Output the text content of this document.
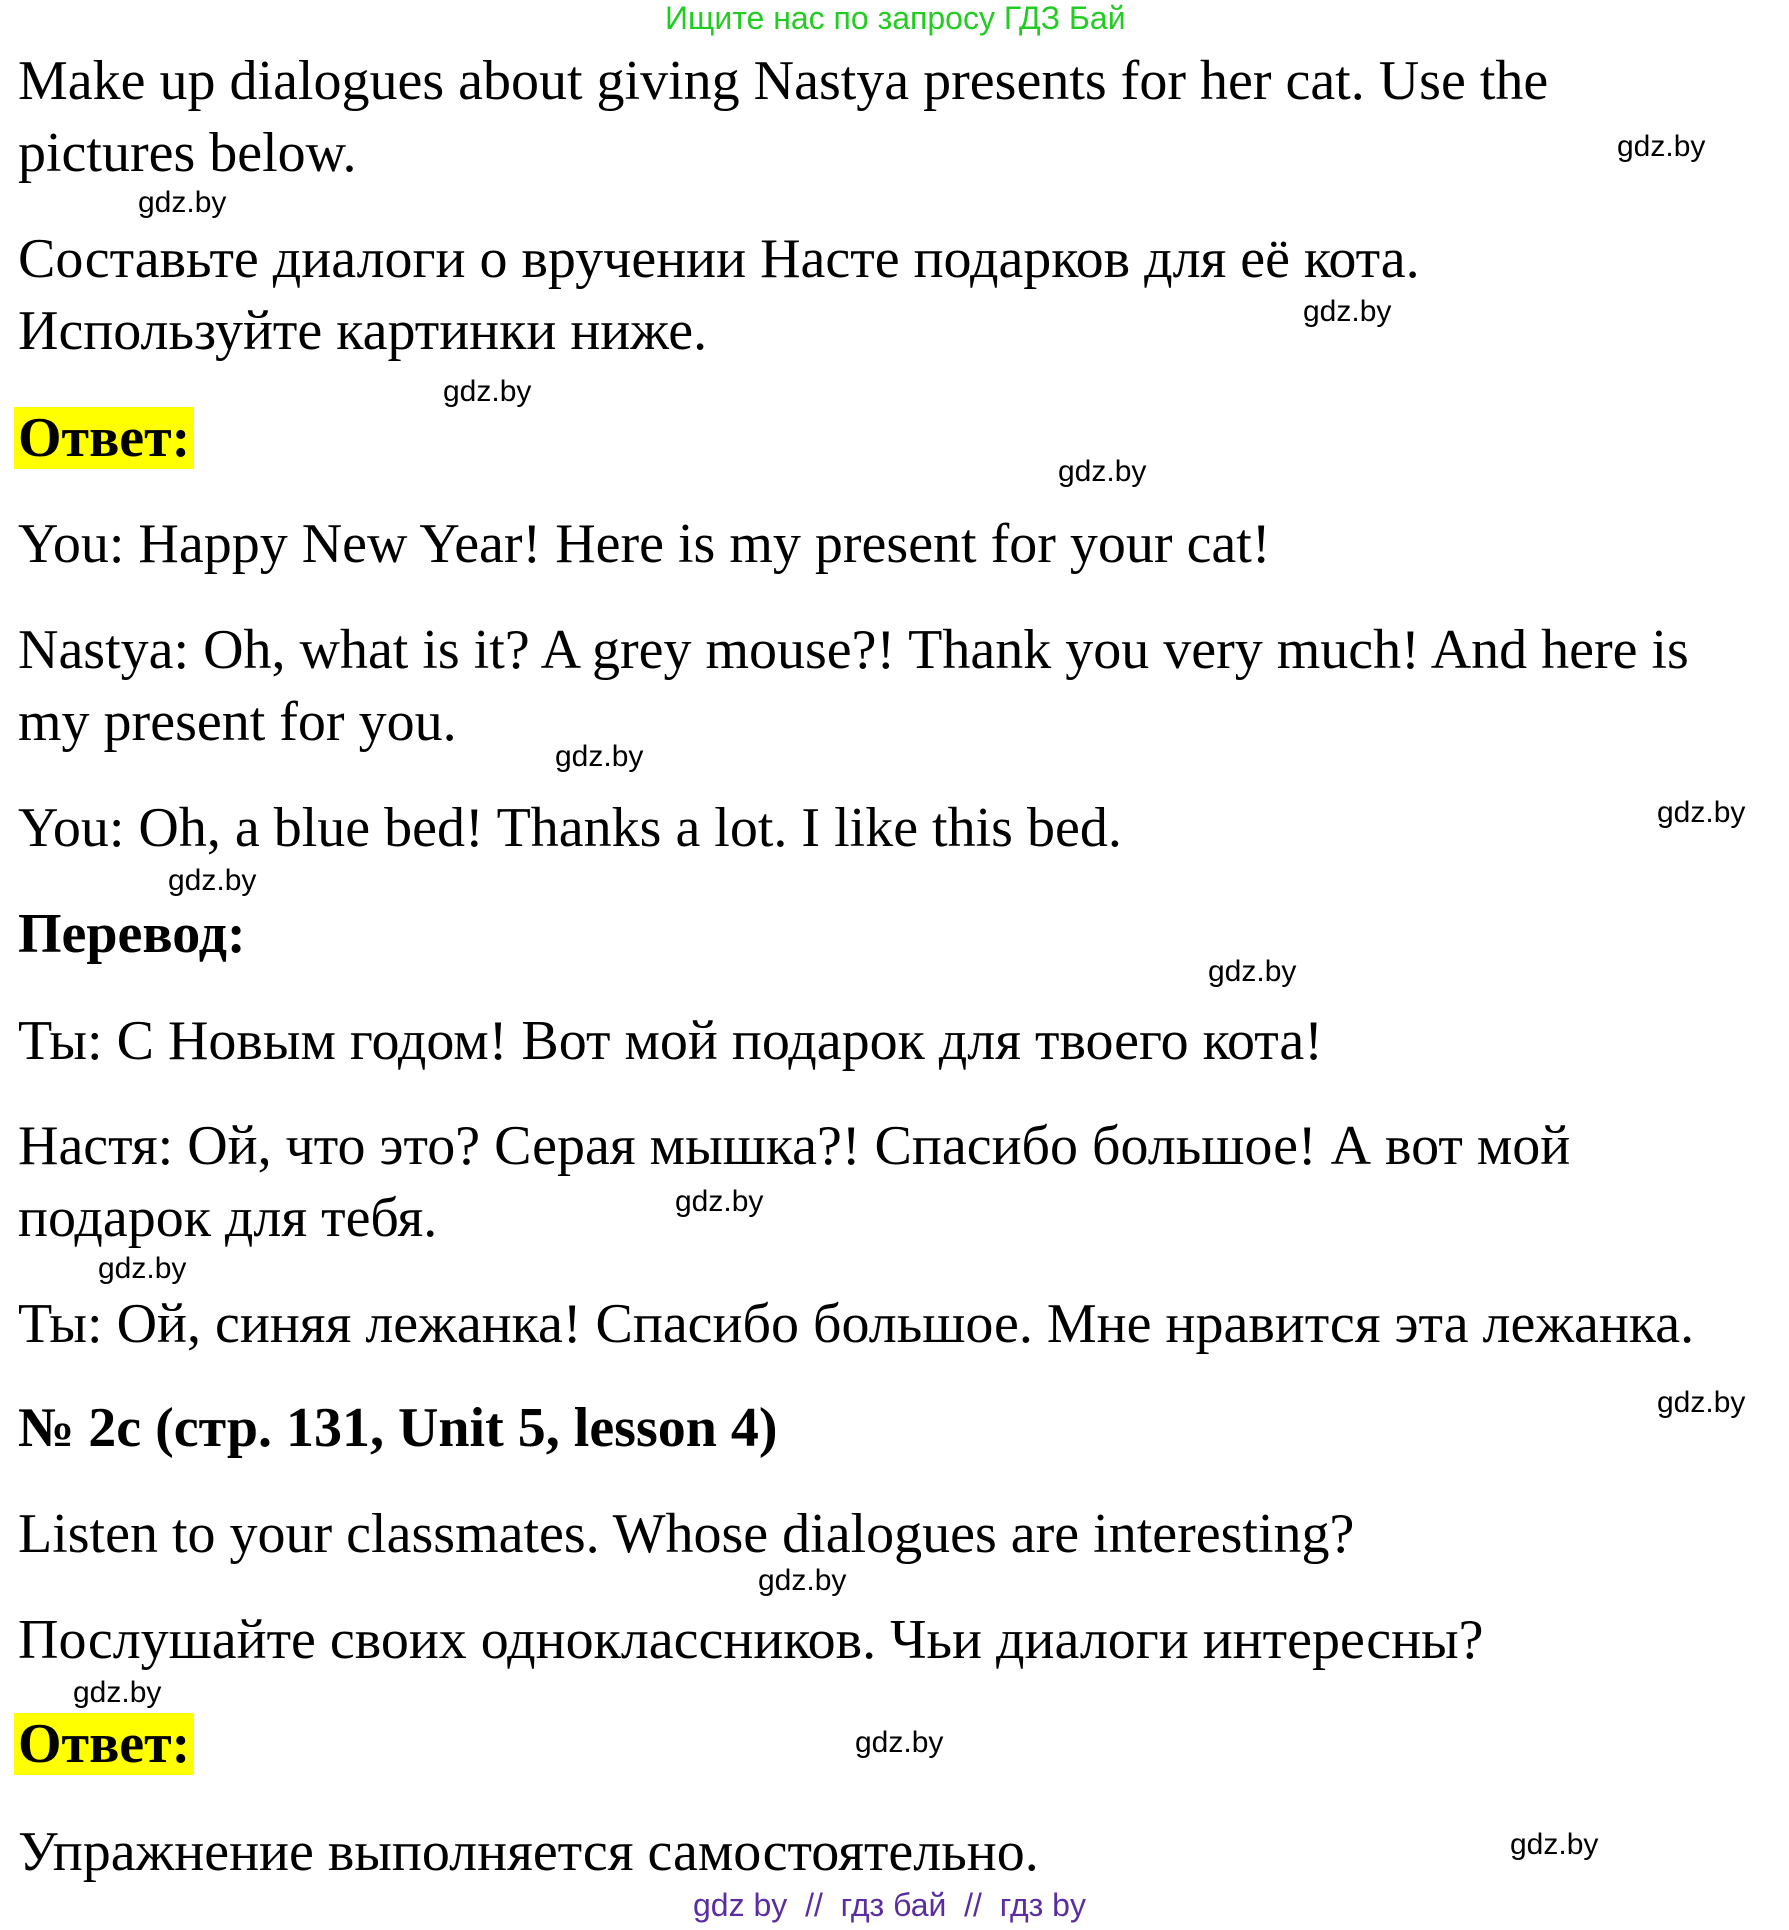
Ищите нас по запросу ГДЗ Бай
Make up dialogues about giving Nastya presents for her cat. Use the
pictures below.	gdz.by
gdz.by
Составьте диалоги о вручении Насте подарков для её кота.
Используйте картинки ниже.	gdz.by
gdz.by
Ответ:
gdz.by
You: Happy New Year! Here is my present for your cat!
Nastya: Oh, what is it? A grey mouse?! Thank you very much! And here is
my present for you.
gdz.by
gdz.by
You: Oh, a blue bed! Thanks a lot. I like this bed.
gdz.by
Перевод:
gdz.by
Ты: С Новым годом! Вот мой подарок для твоего кота!
Настя: Ой, что это? Серая мышка?! Спасибо большое! А вот мой
подарок для тебя.	gdz.by
gdz.by
Ты: Ой, синяя лежанка! Спасибо большое. Мне нравится эта лежанка.
№ 2c (стр. 131, Unit 5, lesson 4)	gdz.by
Listen to your classmates. Whose dialogues are interesting?
gdz.by
Послушайте своих одноклассников. Чьи диалоги интересны?
gdz.by
Ответ:	gdz.by
Упражнение выполняется самостоятельно.	gdz.by
gdz by  //  гдз бай  //  гдз by
